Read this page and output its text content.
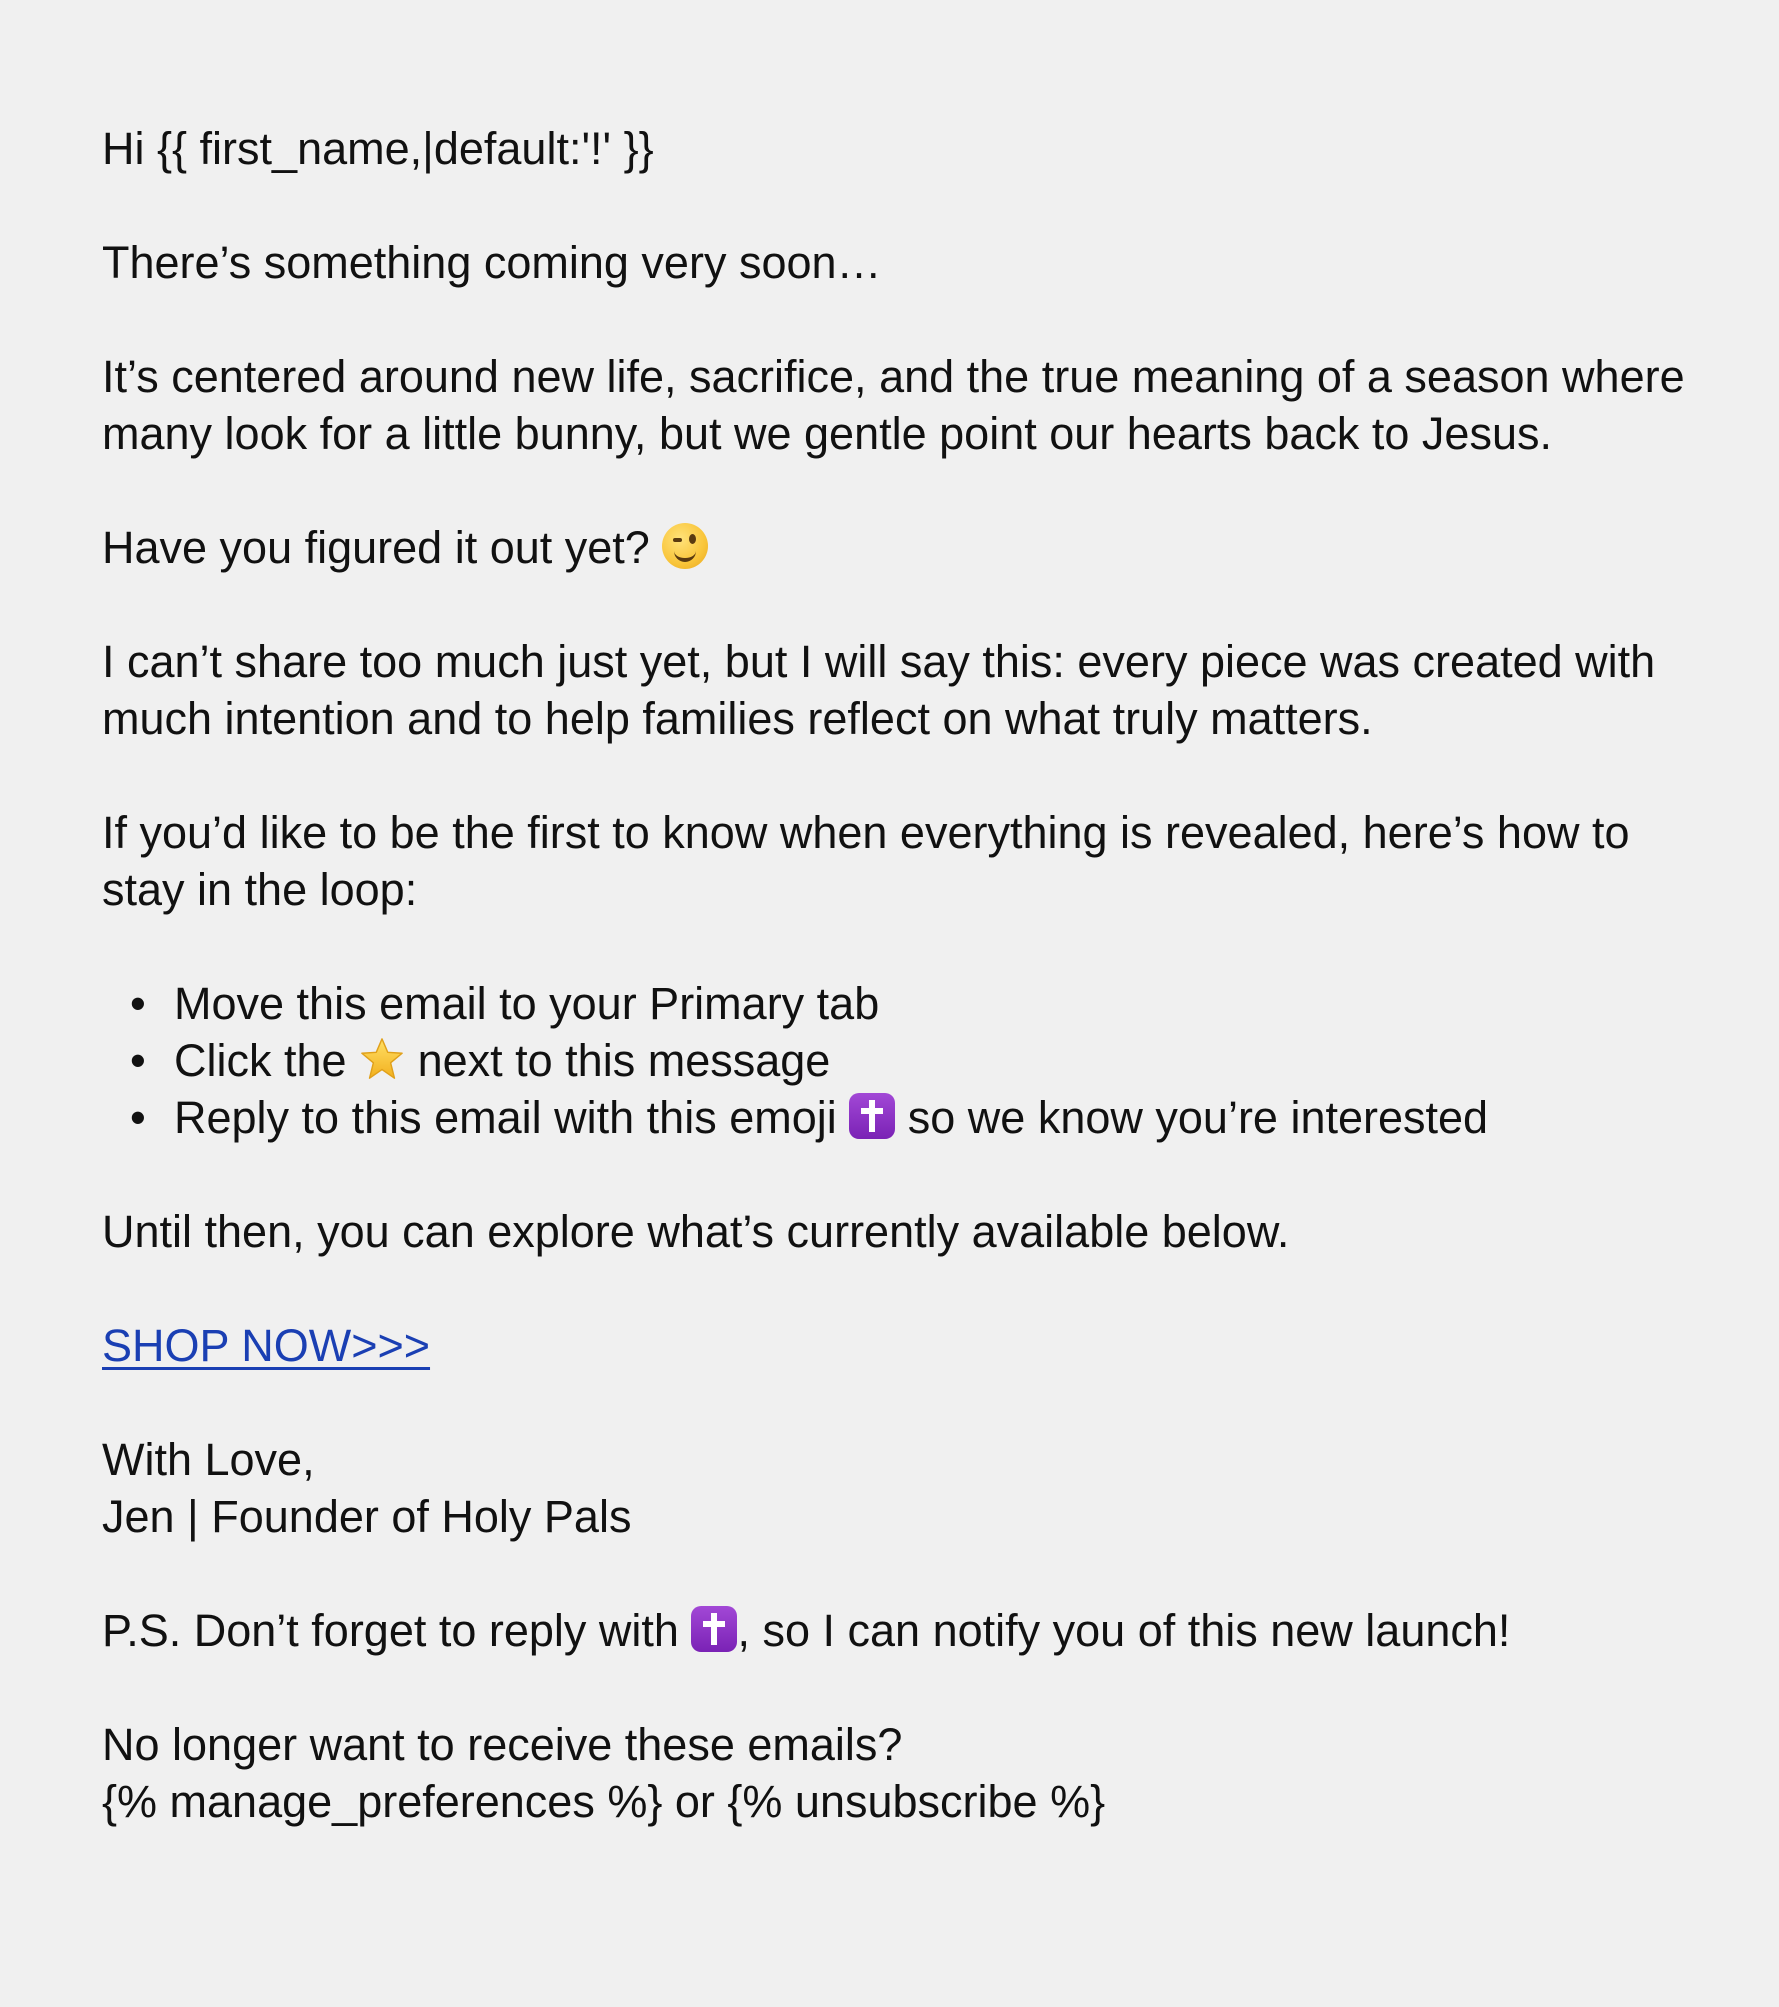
Hi {{ first_name,|default:'!' }}

There’s something coming very soon…

It’s centered around new life, sacrifice, and the true meaning of a season where many look for a little bunny, but we gentle point our hearts back to Jesus.

Have you figured it out yet?

I can’t share too much just yet, but I will say this: every piece was created with much intention and to help families reflect on what truly matters.

If you’d like to be the first to know when everything is revealed, here’s how to stay in the loop:

• Move this email to your Primary tab
• Click the next to this message
• Reply to this email with this emoji so we know you’re interested

Until then, you can explore what’s currently available below.

SHOP NOW>>>

With Love,
Jen | Founder of Holy Pals

P.S. Don’t forget to reply with , so I can notify you of this new launch!

No longer want to receive these emails?
{% manage_preferences %} or {% unsubscribe %}
